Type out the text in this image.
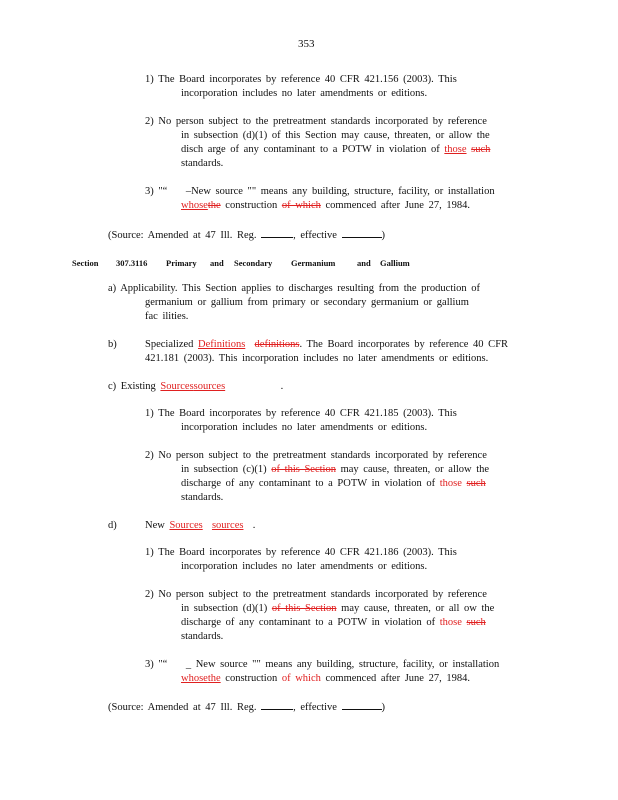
353
1) The Board incorporates by reference 40 CFR 421.156 (2003). This
incorporation includes no later amendments or editions.
2) No person subject to the pretreatment standards incorporated by reference
in subsection (d)(1) of this Section may cause, threaten, or allow the
disch arge of any contaminant to a POTW in violation of those such
standards.
3) "“ –New source "" means any building, structure, facility, or installation
whosethe construction of which commenced after June 27, 1984.
(Source: Amended at 47 Ill. Reg.	, effective	)
Section 307.3116 Primary and Secondary Germanium	and Gallium
a) Applicability. This Section applies to discharges resulting from the production of
germanium or gallium from primary or secondary germanium or gallium
fac ilities.
b)	Specialized Definitions definitions. The Board incorporates by reference 40 CFR
421.181 (2003). This incorporation includes no later amendments or editions.
c) Existing Sourcessources	.
1) The Board incorporates by reference 40 CFR 421.185 (2003). This
incorporation includes no later amendments or editions.
2) No person subject to the pretreatment standards incorporated by reference
in subsection (c)(1) of this Section may cause, threaten, or allow the
discharge of any contaminant to a POTW in violation of those such
standards.
d)	New Sources sources .
1) The Board incorporates by reference 40 CFR 421.186 (2003). This
incorporation includes no later amendments or editions.
2) No person subject to the pretreatment standards incorporated by reference
in subsection (d)(1) of this Section may cause, threaten, or all ow the
discharge of any contaminant to a POTW in violation of those such
standards.
3) "“ _ New source "" means any building, structure, facility, or installation
whosethe construction of which commenced after June 27, 1984.
(Source: Amended at 47 Ill. Reg.	, effective	)
